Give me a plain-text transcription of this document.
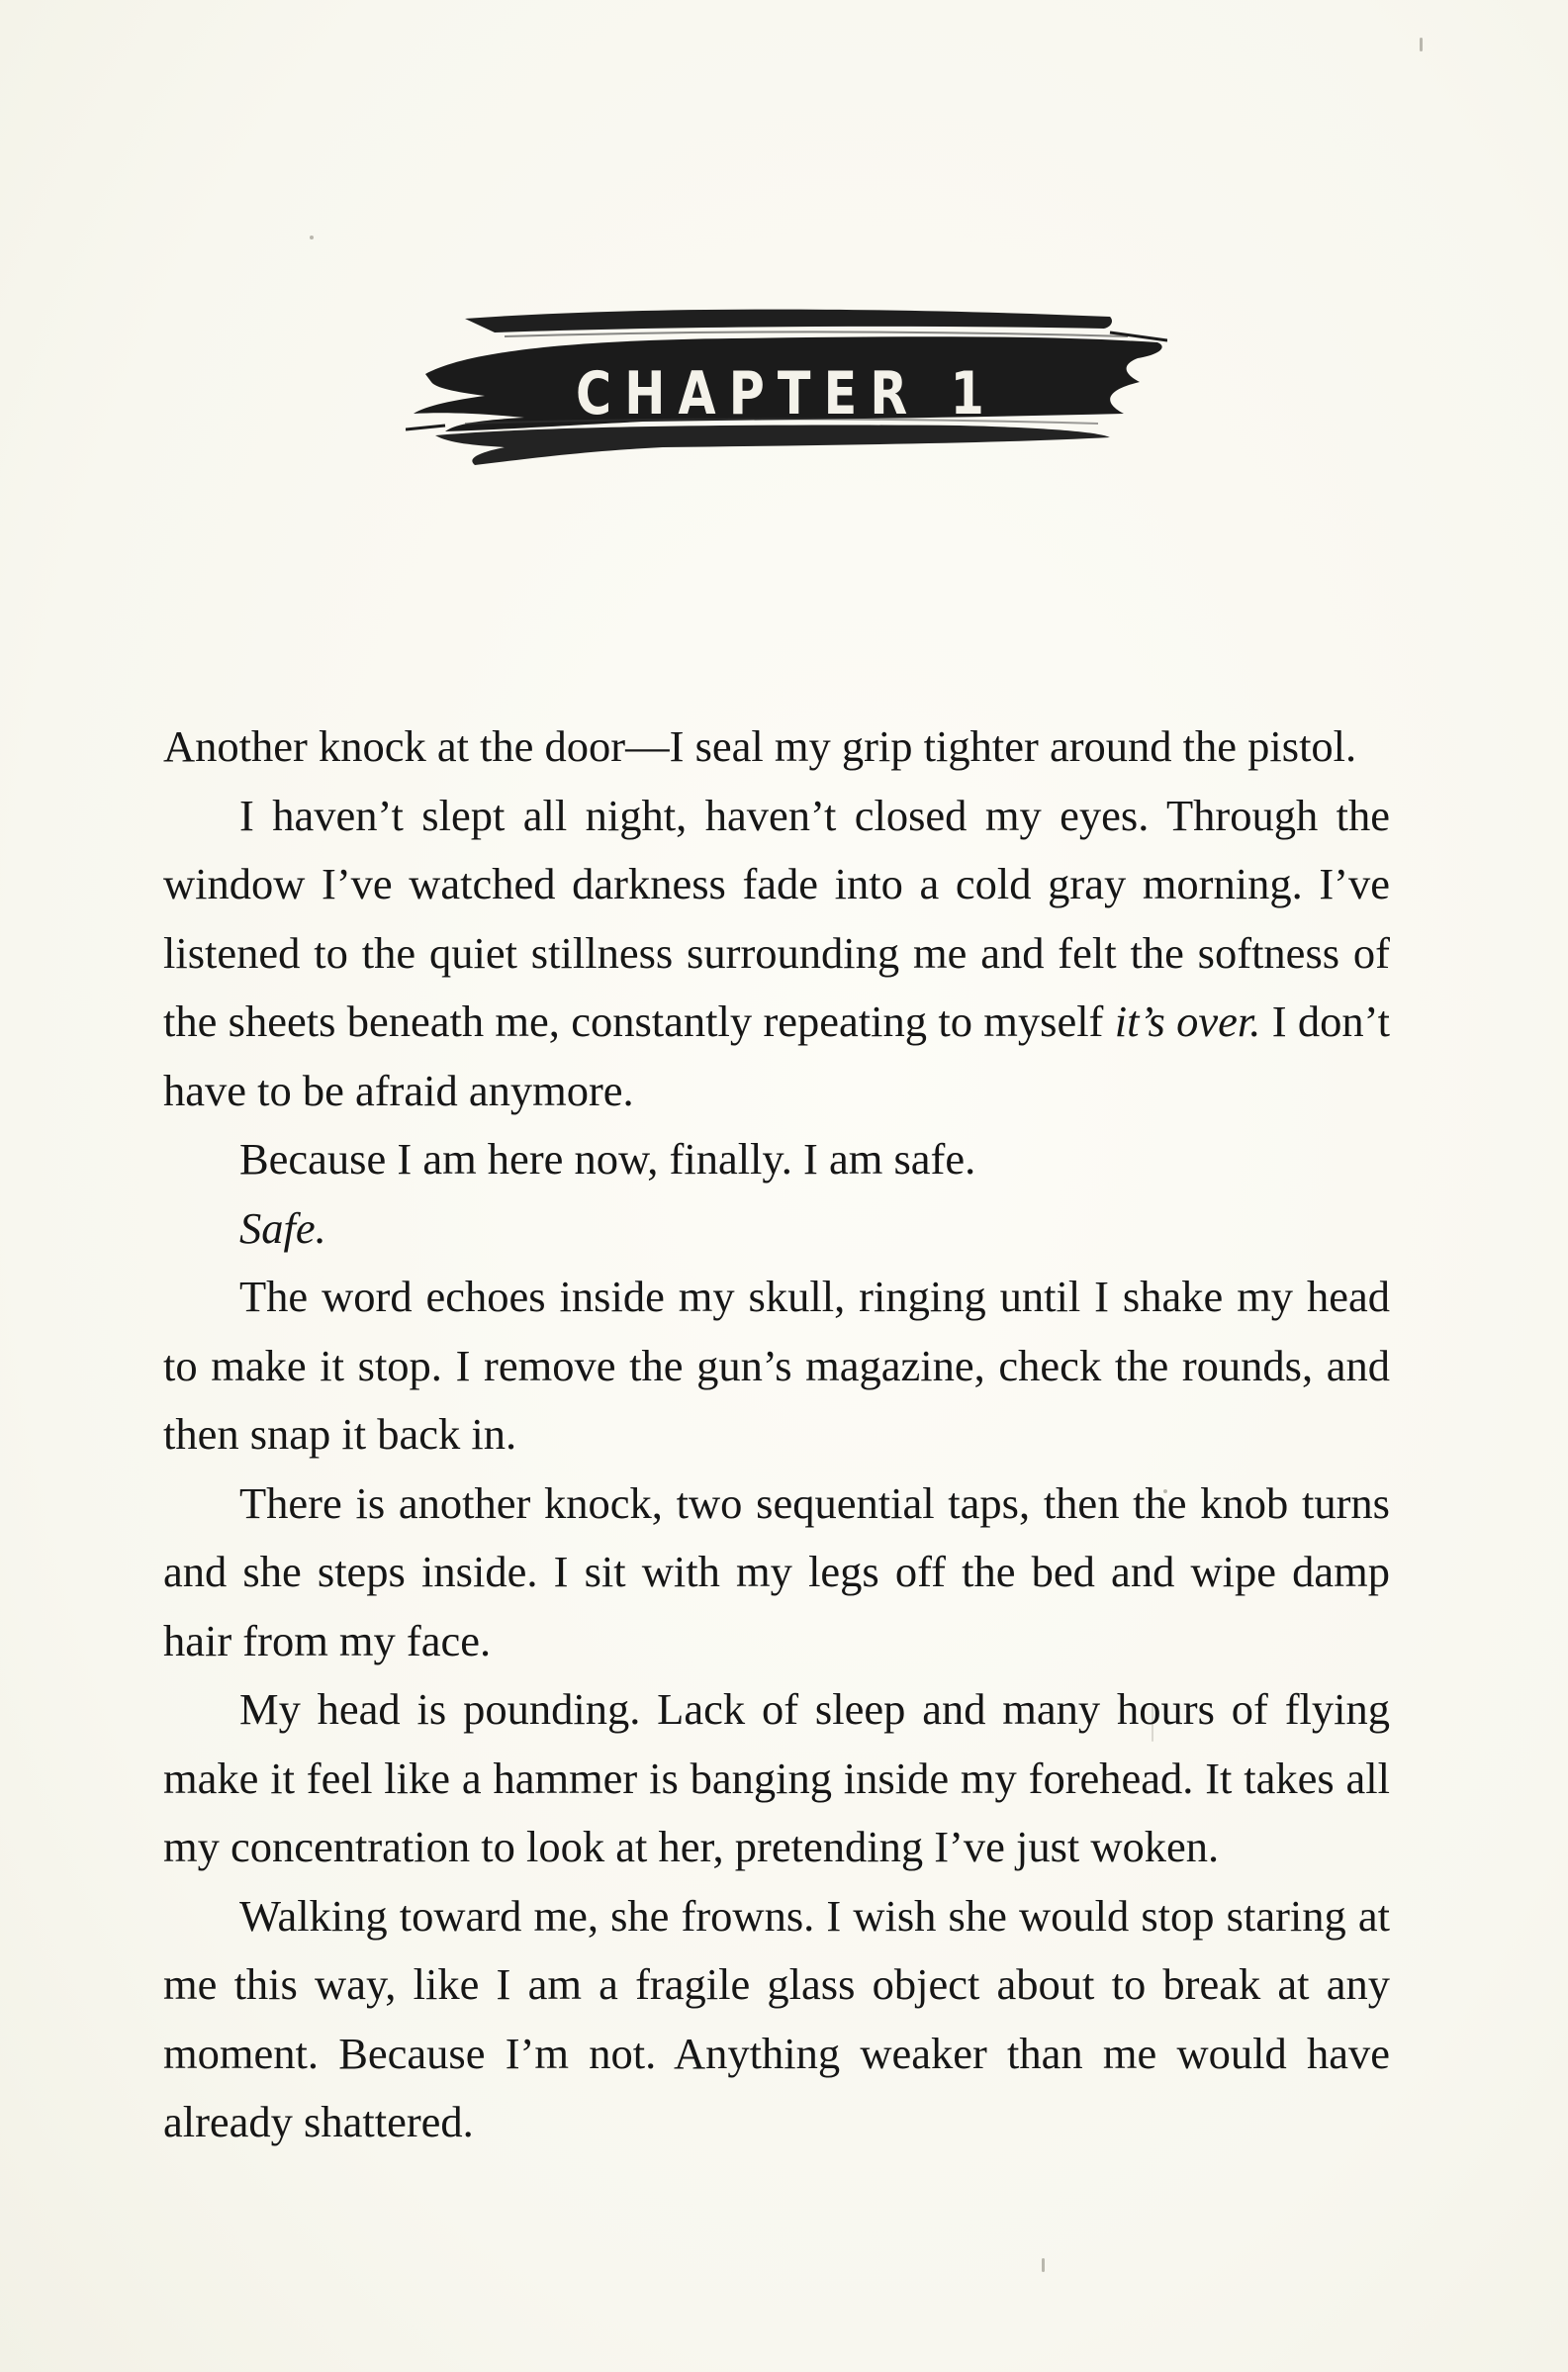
CHAPTER 1

Another knock at the door—I seal my grip tighter around the pistol.

I haven’t slept all night, haven’t closed my eyes. Through the window I’ve watched darkness fade into a cold gray morning. I’ve listened to the quiet stillness surrounding me and felt the softness of the sheets beneath me, constantly repeating to myself it’s over. I don’t have to be afraid anymore.

Because I am here now, finally. I am safe.

Safe.

The word echoes inside my skull, ringing until I shake my head to make it stop. I remove the gun’s magazine, check the rounds, and then snap it back in.

There is another knock, two sequential taps, then the knob turns and she steps inside. I sit with my legs off the bed and wipe damp hair from my face.

My head is pounding. Lack of sleep and many hours of flying make it feel like a hammer is banging inside my forehead. It takes all my concentration to look at her, pretending I’ve just woken.

Walking toward me, she frowns. I wish she would stop staring at me this way, like I am a fragile glass object about to break at any moment. Because I’m not. Anything weaker than me would have already shattered.
